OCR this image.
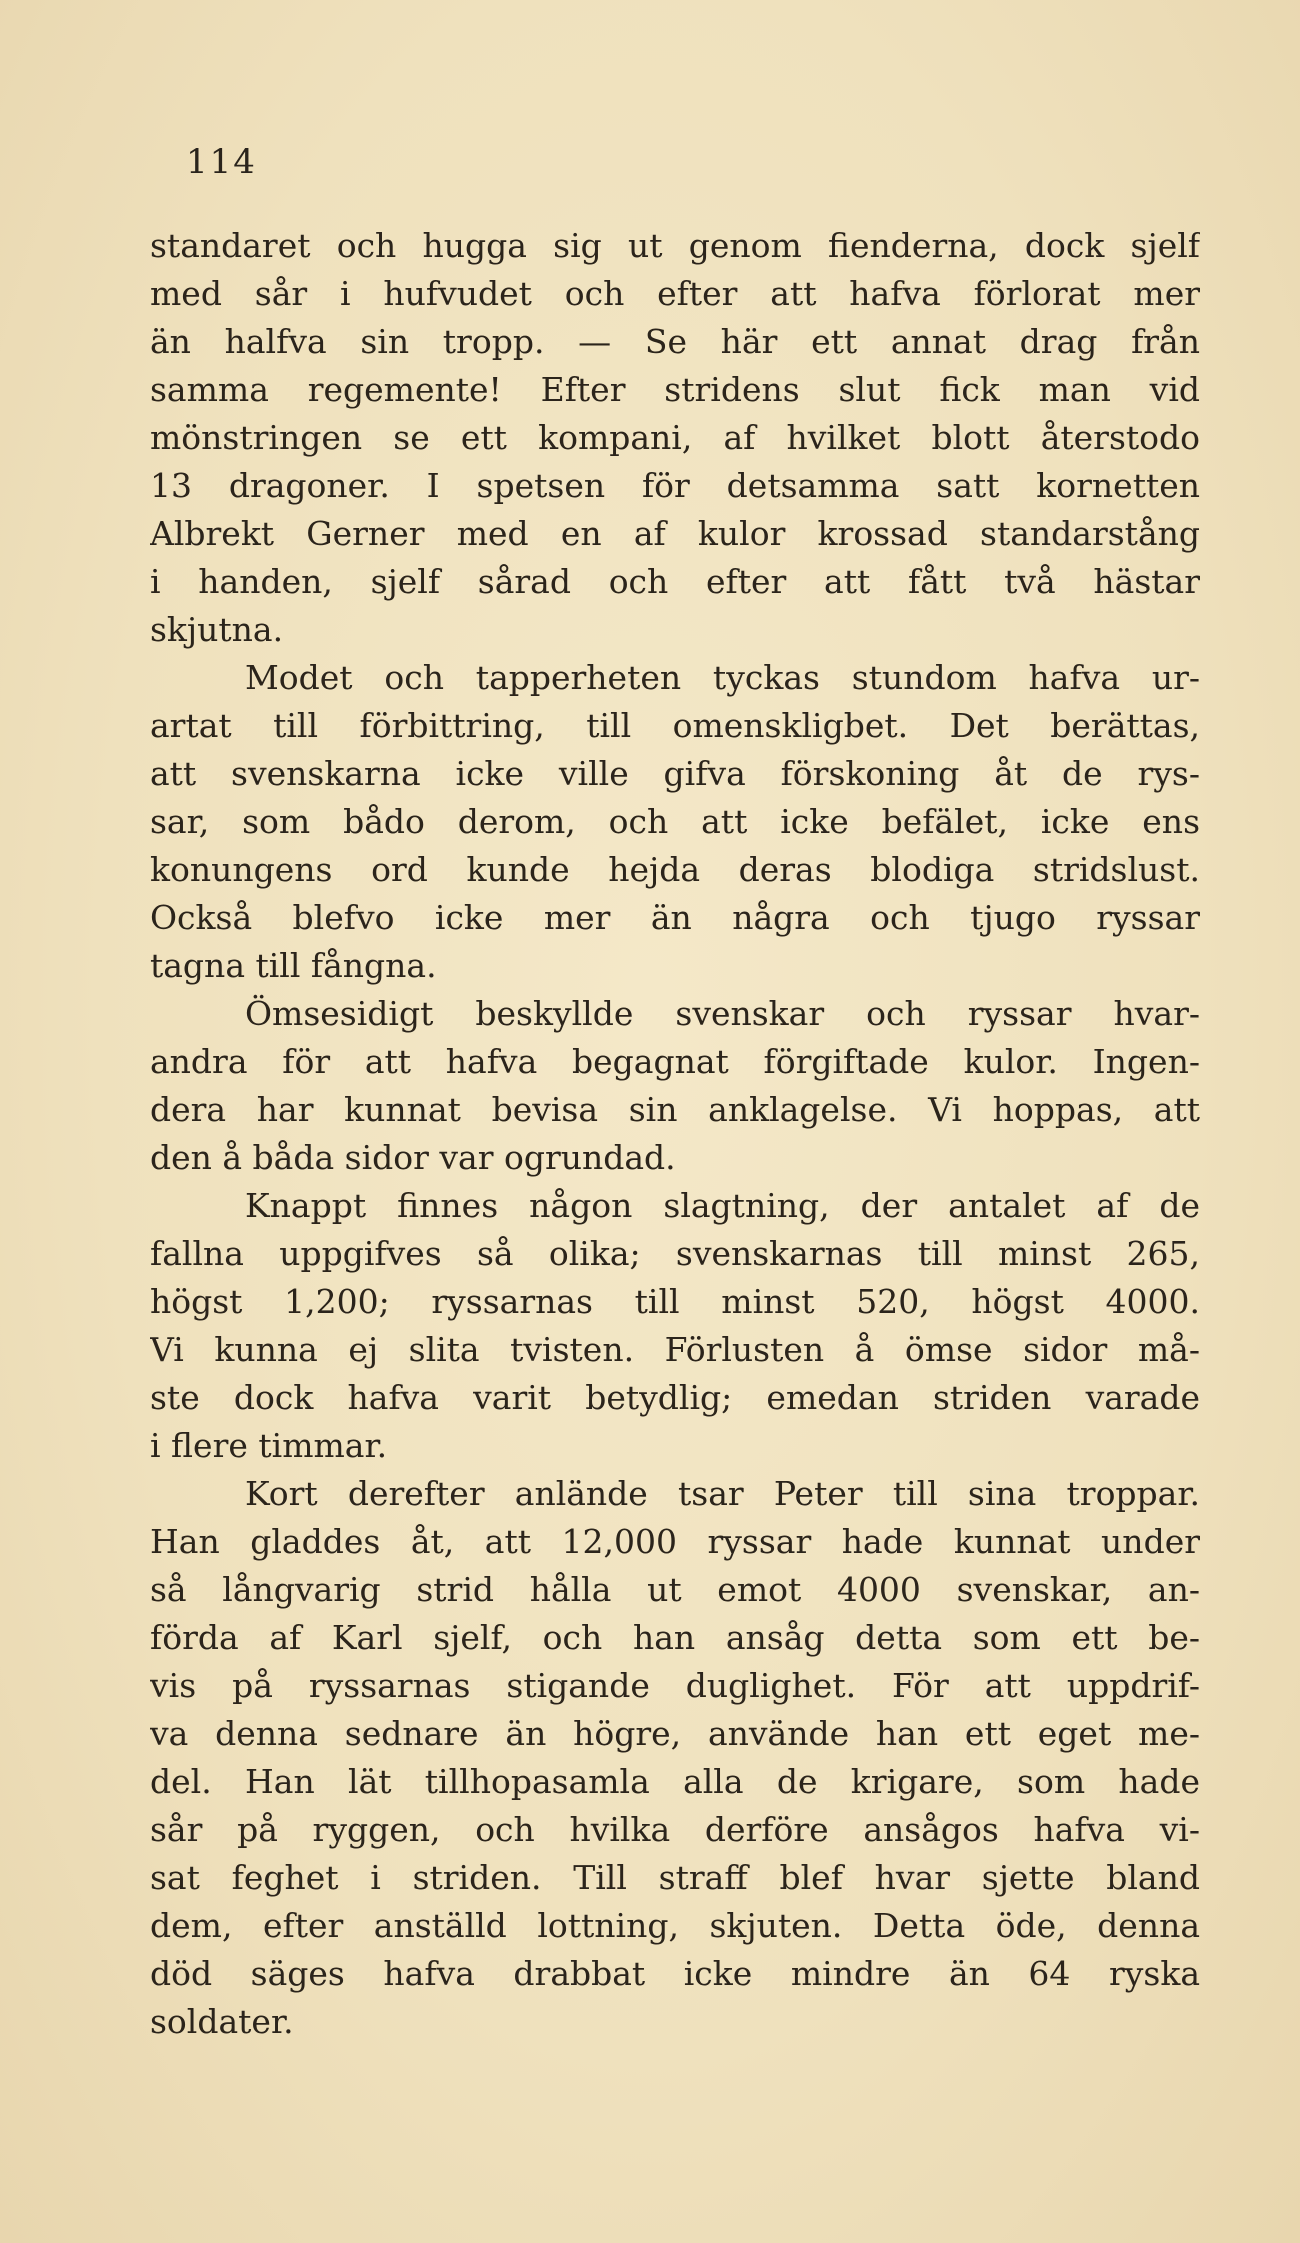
114
standaret och hugga sig ut genom fienderna, dock sjelf
med sår i hufvudet och efter att hafva förlorat mer
än halfva sin tropp. — Se här ett annat drag från
samma regemente! Efter stridens slut fick man vid
mönstringen se ett kompani, af hvilket blott återstodo
13 dragoner. I spetsen för detsamma satt kornetten
Albrekt Gerner med en af kulor krossad standarstång
i handen, sjelf sårad och efter att fått två hästar
skjutna.
Modet och tapperheten tyckas stundom hafva ur-
artat till förbittring, till omenskligbet. Det berättas,
att svenskarna icke ville gifva förskoning åt de rys-
sar, som bådo derom, och att icke befälet, icke ens
konungens ord kunde hejda deras blodiga stridslust.
Också blefvo icke mer än några och tjugo ryssar
tagna till fångna.
Ömsesidigt beskyllde svenskar och ryssar hvar-
andra för att hafva begagnat förgiftade kulor. Ingen-
dera har kunnat bevisa sin anklagelse. Vi hoppas, att
den å båda sidor var ogrundad.
Knappt finnes någon slagtning, der antalet af de
fallna uppgifves så olika; svenskarnas till minst 265,
högst 1,200; ryssarnas till minst 520, högst 4000.
Vi kunna ej slita tvisten. Förlusten å ömse sidor må-
ste dock hafva varit betydlig; emedan striden varade
i flere timmar.
Kort derefter anlände tsar Peter till sina troppar.
Han gladdes åt, att 12,000 ryssar hade kunnat under
så långvarig strid hålla ut emot 4000 svenskar, an-
förda af Karl sjelf, och han ansåg detta som ett be-
vis på ryssarnas stigande duglighet. För att uppdrif-
va denna sednare än högre, använde han ett eget me-
del. Han lät tillhopasamla alla de krigare, som hade
sår på ryggen, och hvilka derföre ansågos hafva vi-
sat feghet i striden. Till straff blef hvar sjette bland
dem, efter anställd lottning, skjuten. Detta öde, denna
död säges hafva drabbat icke mindre än 64 ryska
soldater.
